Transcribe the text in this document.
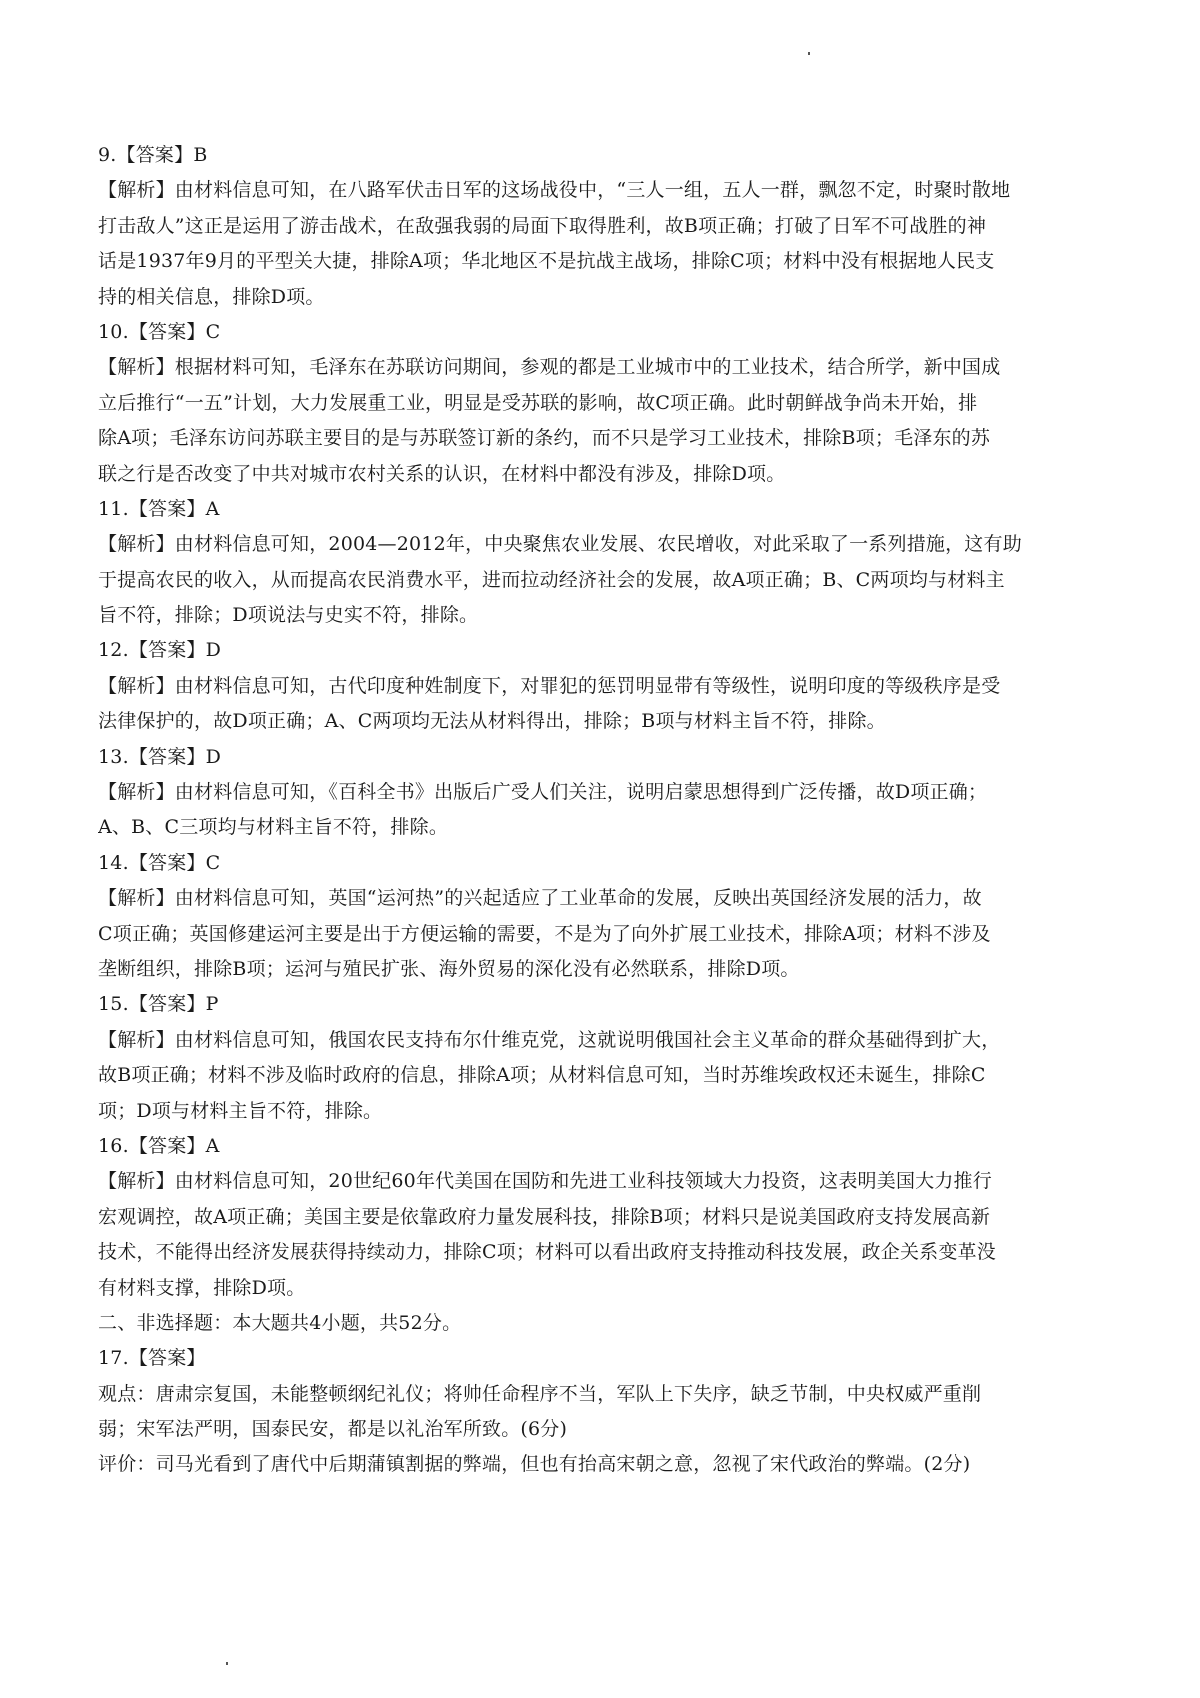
9.【答案】B
【解析】由材料信息可知，在八路军伏击日军的这场战役中，“三人一组，五人一群，飘忽不定，时聚时散地
打击敌人”这正是运用了游击战术，在敌强我弱的局面下取得胜利，故B项正确；打破了日军不可战胜的神
话是1937年9月的平型关大捷，排除A项；华北地区不是抗战主战场，排除C项；材料中没有根据地人民支
持的相关信息，排除D项。
10.【答案】C
【解析】根据材料可知，毛泽东在苏联访问期间，参观的都是工业城市中的工业技术，结合所学，新中国成
立后推行“一五”计划，大力发展重工业，明显是受苏联的影响，故C项正确。此时朝鲜战争尚未开始，排
除A项；毛泽东访问苏联主要目的是与苏联签订新的条约，而不只是学习工业技术，排除B项；毛泽东的苏
联之行是否改变了中共对城市农村关系的认识，在材料中都没有涉及，排除D项。
11.【答案】A
【解析】由材料信息可知，2004—2012年，中央聚焦农业发展、农民增收，对此采取了一系列措施，这有助
于提高农民的收入，从而提高农民消费水平，进而拉动经济社会的发展，故A项正确；B、C两项均与材料主
旨不符，排除；D项说法与史实不符，排除。
12.【答案】D
【解析】由材料信息可知，古代印度种姓制度下，对罪犯的惩罚明显带有等级性，说明印度的等级秩序是受
法律保护的，故D项正确；A、C两项均无法从材料得出，排除；B项与材料主旨不符，排除。
13.【答案】D
【解析】由材料信息可知，《百科全书》出版后广受人们关注，说明启蒙思想得到广泛传播，故D项正确；
A、B、C三项均与材料主旨不符，排除。
14.【答案】C
【解析】由材料信息可知，英国“运河热”的兴起适应了工业革命的发展，反映出英国经济发展的活力，故
C项正确；英国修建运河主要是出于方便运输的需要，不是为了向外扩展工业技术，排除A项；材料不涉及
垄断组织，排除B项；运河与殖民扩张、海外贸易的深化没有必然联系，排除D项。
15.【答案】P
【解析】由材料信息可知，俄国农民支持布尔什维克党，这就说明俄国社会主义革命的群众基础得到扩大，
故B项正确；材料不涉及临时政府的信息，排除A项；从材料信息可知，当时苏维埃政权还未诞生，排除C
项；D项与材料主旨不符，排除。
16.【答案】A
【解析】由材料信息可知，20世纪60年代美国在国防和先进工业科技领域大力投资，这表明美国大力推行
宏观调控，故A项正确；美国主要是依靠政府力量发展科技，排除B项；材料只是说美国政府支持发展高新
技术，不能得出经济发展获得持续动力，排除C项；材料可以看出政府支持推动科技发展，政企关系变革没
有材料支撑，排除D项。
二、非选择题：本大题共4小题，共52分。
17.【答案】
观点：唐肃宗复国，未能整顿纲纪礼仪；将帅任命程序不当，军队上下失序，缺乏节制，中央权威严重削
弱；宋军法严明，国泰民安，都是以礼治军所致。(6分)
评价：司马光看到了唐代中后期蒲镇割据的弊端，但也有抬高宋朝之意，忽视了宋代政治的弊端。(2分)
